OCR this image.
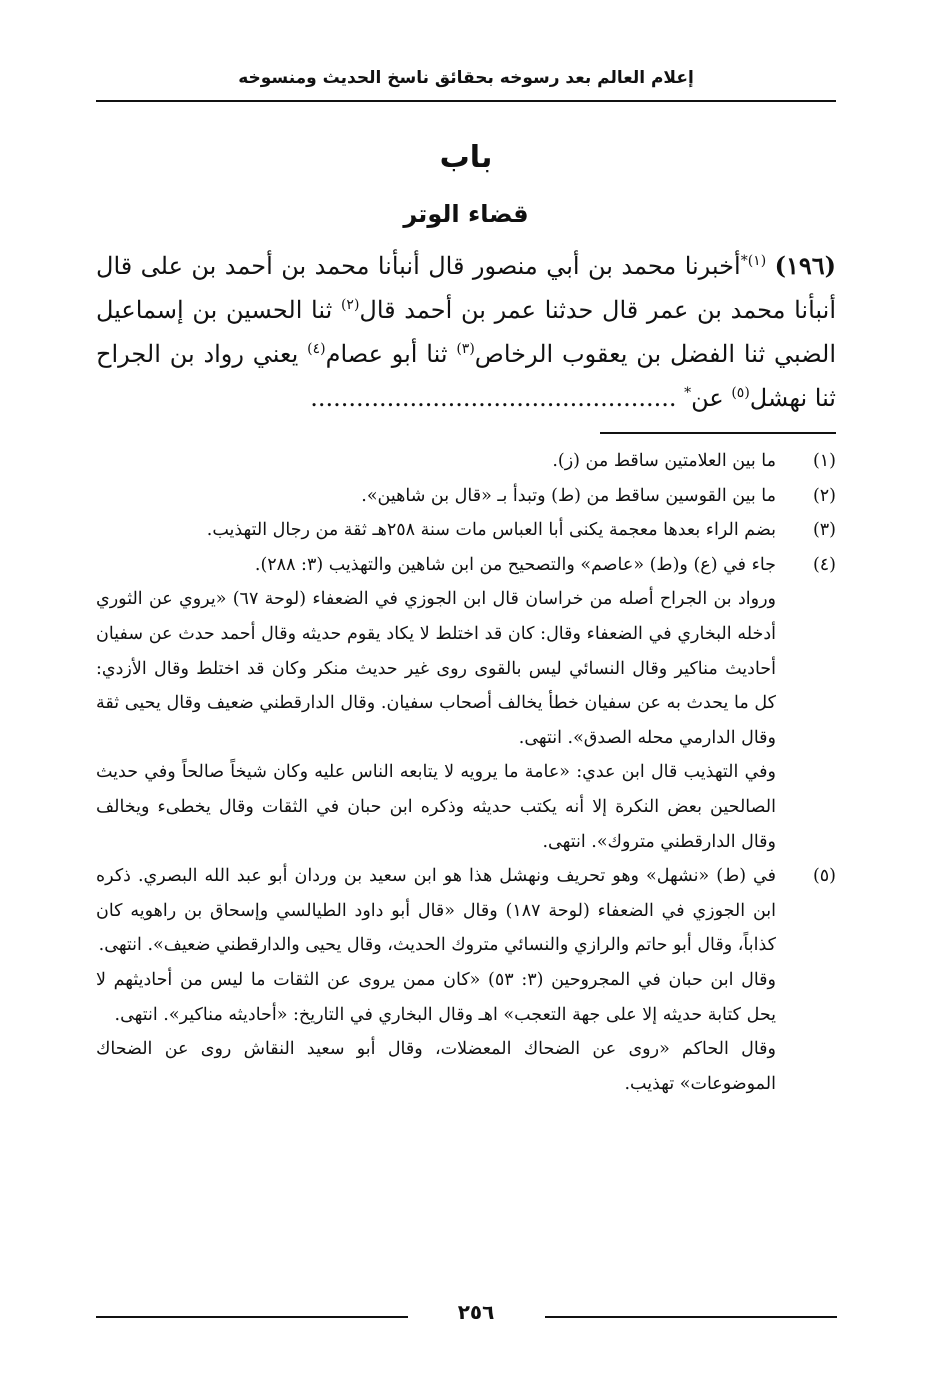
إعلام العالم بعد رسوخه بحقائق ناسخ الحديث ومنسوخه
باب
قضاء الوتر
(١٩٦) $^{(١)*}$أخبرنا محمد بن أبي منصور قال أنبأنا محمد بن أحمد بن على قال أنبأنا محمد بن عمر قال حدثنا عمر بن أحمد قال$^{(٢)}$ ثنا الحسين بن إسماعيل الضبي ثنا الفضل بن يعقوب الرخاص$^{(٣)}$ ثنا أبو عصام$^{(٤)}$ يعني رواد بن الجراح ثنا نهشل$^{(٥)}$ عن* ................................................
(١)
ما بين العلامتين ساقط من (ز).
(٢)
ما بين القوسين ساقط من (ط) وتبدأ بـ «قال بن شاهين».
(٣)
بضم الراء بعدها معجمة يكنى أبا العباس مات سنة ٢٥٨هـ ثقة من رجال التهذيب.
(٤)
جاء في (ع) و(ط) «عاصم» والتصحيح من ابن شاهين والتهذيب (٣: ٢٨٨).
ورواد بن الجراح أصله من خراسان قال ابن الجوزي في الضعفاء (لوحة ٦٧) «يروي عن الثوري أدخله البخاري في الضعفاء وقال: كان قد اختلط لا يكاد يقوم حديثه وقال أحمد حدث عن سفيان أحاديث مناكير وقال النسائي ليس بالقوى روى غير حديث منكر وكان قد اختلط وقال الأزدي: كل ما يحدث به عن سفيان خطأ يخالف أصحاب سفيان. وقال الدارقطني ضعيف وقال يحيى ثقة وقال الدارمي محله الصدق». انتهى.
وفي التهذيب قال ابن عدي: «عامة ما يرويه لا يتابعه الناس عليه وكان شيخاً صالحاً وفي حديث الصالحين بعض النكرة إلا أنه يكتب حديثه وذكره ابن حبان في الثقات وقال يخطىء ويخالف وقال الدارقطني متروك». انتهى.
(٥)
في (ط) «نشهل» وهو تحريف ونهشل هذا هو ابن سعيد بن وردان أبو عبد الله البصري. ذكره ابن الجوزي في الضعفاء (لوحة ١٨٧) وقال «قال أبو داود الطيالسي وإسحاق بن راهويه كان كذاباً، وقال أبو حاتم والرازي والنسائي متروك الحديث، وقال يحيى والدارقطني ضعيف». انتهى.
وقال ابن حبان في المجروحين (٣: ٥٣) «كان ممن يروى عن الثقات ما ليس من أحاديثهم لا يحل كتابة حديثه إلا على جهة التعجب» اهـ وقال البخاري في التاريخ: «أحاديثه مناكير». انتهى.
وقال الحاكم «روى عن الضحاك المعضلات، وقال أبو سعيد النقاش روى عن الضحاك الموضوعات» تهذيب.
٢٥٦
